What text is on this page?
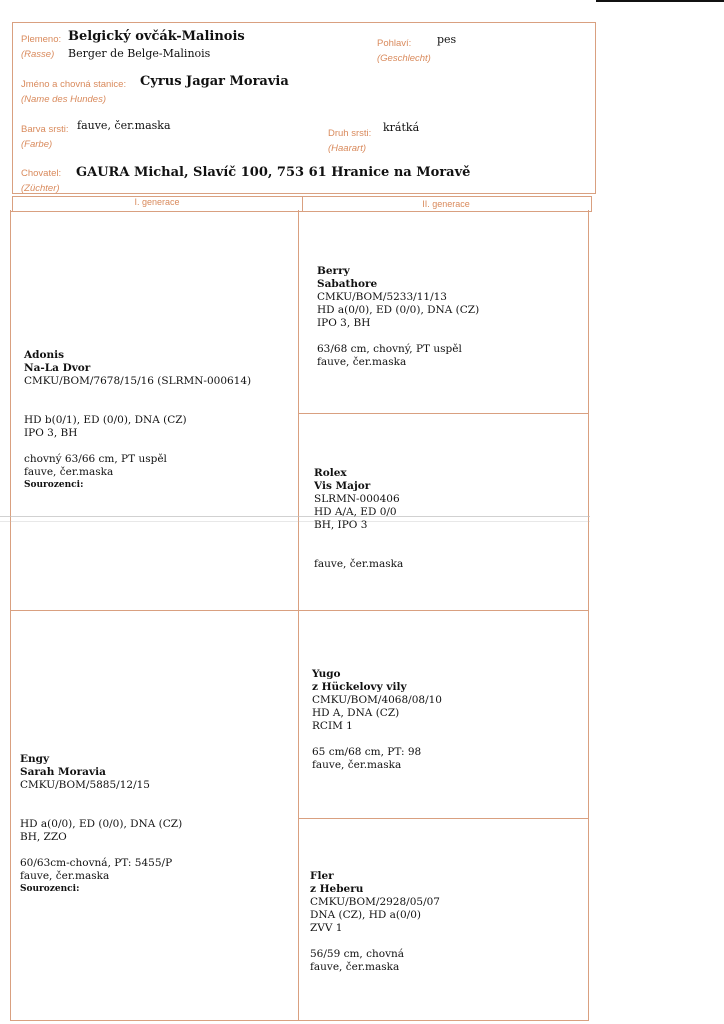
Plemeno:
(Rasse)
Belgický ovčák-Malinois
Berger de Belge-Malinois
Pohlaví:
(Geschlecht)
pes
Jméno a chovná stanice:
(Name des Hundes)
Cyrus Jagar Moravia
Barva srsti:
(Farbe)
fauve, čer.maska
Druh srsti:
(Haarart)
krátká
Chovatel:
(Züchter)
GAURA Michal, Slavíč 100, 753 61 Hranice na Moravě
I. generace	II. generace
Adonis
Na-La Dvor
CMKU/BOM/7678/15/16 (SLRMN-000614)
HD b(0/1), ED (0/0), DNA (CZ)
IPO 3, BH
chovný 63/66 cm, PT uspěl
fauve, čer.maska
Sourozenci:
Engy
Sarah Moravia
CMKU/BOM/5885/12/15
HD a(0/0), ED (0/0), DNA (CZ)
BH, ZZO
60/63cm-chovná, PT: 5455/P
fauve, čer.maska
Sourozenci:
Berry
Sabathore
CMKU/BOM/5233/11/13
HD a(0/0), ED (0/0), DNA (CZ)
IPO 3, BH
63/68 cm, chovný, PT uspěl
fauve, čer.maska
Rolex
Vis Major
SLRMN-000406
HD A/A, ED 0/0
BH, IPO 3
fauve, čer.maska
Yugo
z Hückelovy vily
CMKU/BOM/4068/08/10
HD A, DNA (CZ)
RCIM 1
65 cm/68 cm, PT: 98
fauve, čer.maska
Fler
z Heberu
CMKU/BOM/2928/05/07
DNA (CZ), HD a(0/0)
ZVV 1
56/59 cm, chovná
fauve, čer.maska
